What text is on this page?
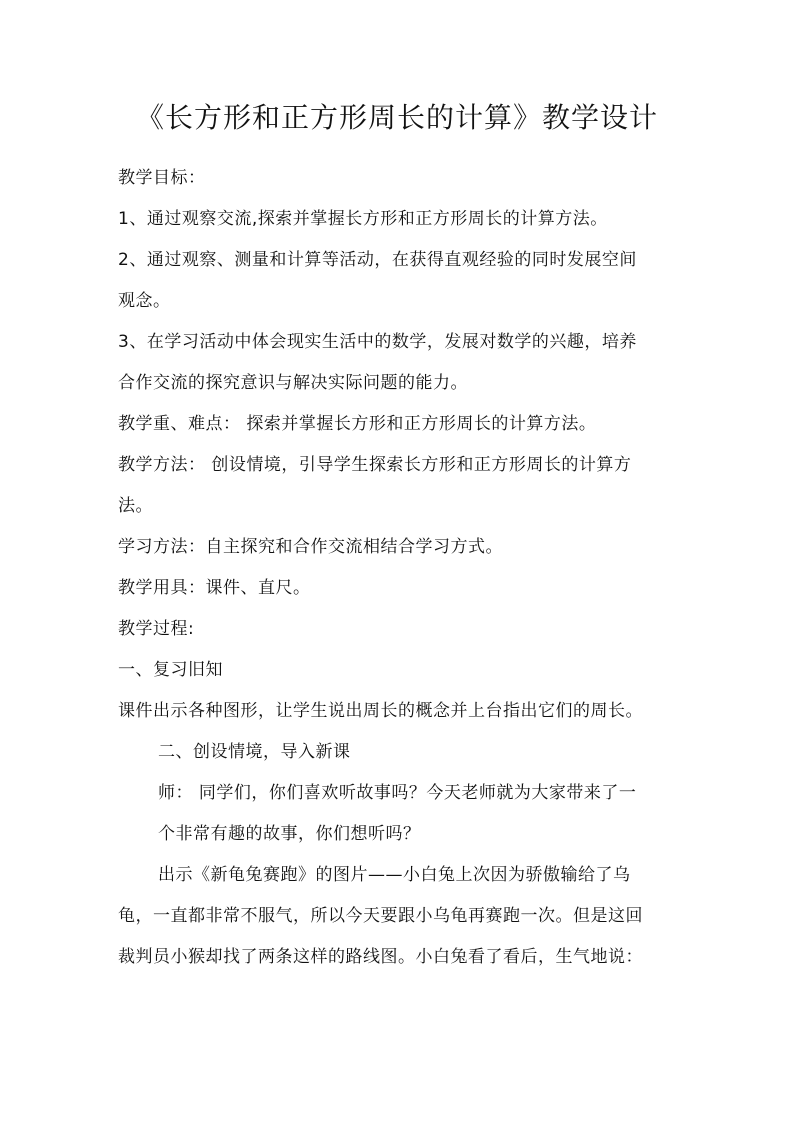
《长方形和正方形周长的计算》教学设计
教学目标：
1、通过观察交流,探索并掌握长方形和正方形周长的计算方法。
2、通过观察、测量和计算等活动，在获得直观经验的同时发展空间
观念。
3、在学习活动中体会现实生活中的数学，发展对数学的兴趣，培养
合作交流的探究意识与解决实际问题的能力。
教学重、难点： 探索并掌握长方形和正方形周长的计算方法。
教学方法： 创设情境，引导学生探索长方形和正方形周长的计算方
法。
学习方法：自主探究和合作交流相结合学习方式。
教学用具：课件、直尺。
教学过程:
一、复习旧知
课件出示各种图形，让学生说出周长的概念并上台指出它们的周长。
二、创设情境，导入新课
师： 同学们，你们喜欢听故事吗？今天老师就为大家带来了一
个非常有趣的故事，你们想听吗？
出示《新龟兔赛跑》的图片——小白兔上次因为骄傲输给了乌
龟，一直都非常不服气，所以今天要跟小乌龟再赛跑一次。但是这回
裁判员小猴却找了两条这样的路线图。小白兔看了看后，生气地说：
